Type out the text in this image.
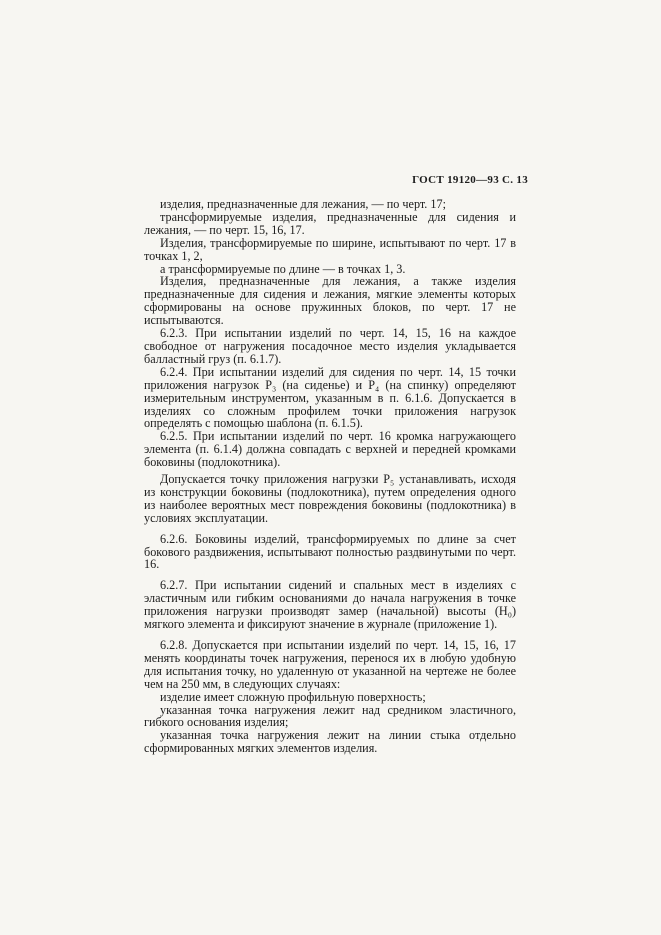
ГОСТ 19120—93 С. 13

изделия, предназначенные для лежания, — по черт. 17;

трансформируемые изделия, предназначенные для сидения и лежания, — по черт. 15, 16, 17.

Изделия, трансформируемые по ширине, испытывают по черт. 17 в точках 1, 2,

а трансформируемые по длине — в точках 1, 3.

Изделия, предназначенные для лежания, а также изделия предназначенные для сидения и лежания, мягкие элементы которых сформированы на основе пружинных блоков, по черт. 17 не испытываются.

6.2.3. При испытании изделий по черт. 14, 15, 16 на каждое свободное от нагружения посадочное место изделия укладывается балластный груз (п. 6.1.7).

6.2.4. При испытании изделий для сидения по черт. 14, 15 точки приложения нагрузок P₃ (на сиденье) и P₄ (на спинку) определяют измерительным инструментом, указанным в п. 6.1.6. Допускается в изделиях со сложным профилем точки приложения нагрузок определять с помощью шаблона (п. 6.1.5).

6.2.5. При испытании изделий по черт. 16 кромка нагружающего элемента (п. 6.1.4) должна совпадать с верхней и передней кромками боковины (подлокотника).

Допускается точку приложения нагрузки P₅ устанавливать, исходя из конструкции боковины (подлокотника), путем определения одного из наиболее вероятных мест повреждения боковины (подлокотника) в условиях эксплуатации.

6.2.6. Боковины изделий, трансформируемых по длине за счет бокового раздвижения, испытывают полностью раздвинутыми по черт. 16.

6.2.7. При испытании сидений и спальных мест в изделиях с эластичным или гибким основаниями до начала нагружения в точке приложения нагрузки производят замер (начальной) высоты (H₀) мягкого элемента и фиксируют значение в журнале (приложение 1).

6.2.8. Допускается при испытании изделий по черт. 14, 15, 16, 17 менять координаты точек нагружения, перенося их в любую удобную для испытания точку, но удаленную от указанной на чертеже не более чем на 250 мм, в следующих случаях:

изделие имеет сложную профильную поверхность;

указанная точка нагружения лежит над средником эластичного, гибкого основания изделия;

указанная точка нагружения лежит на линии стыка отдельно сформированных мягких элементов изделия.
